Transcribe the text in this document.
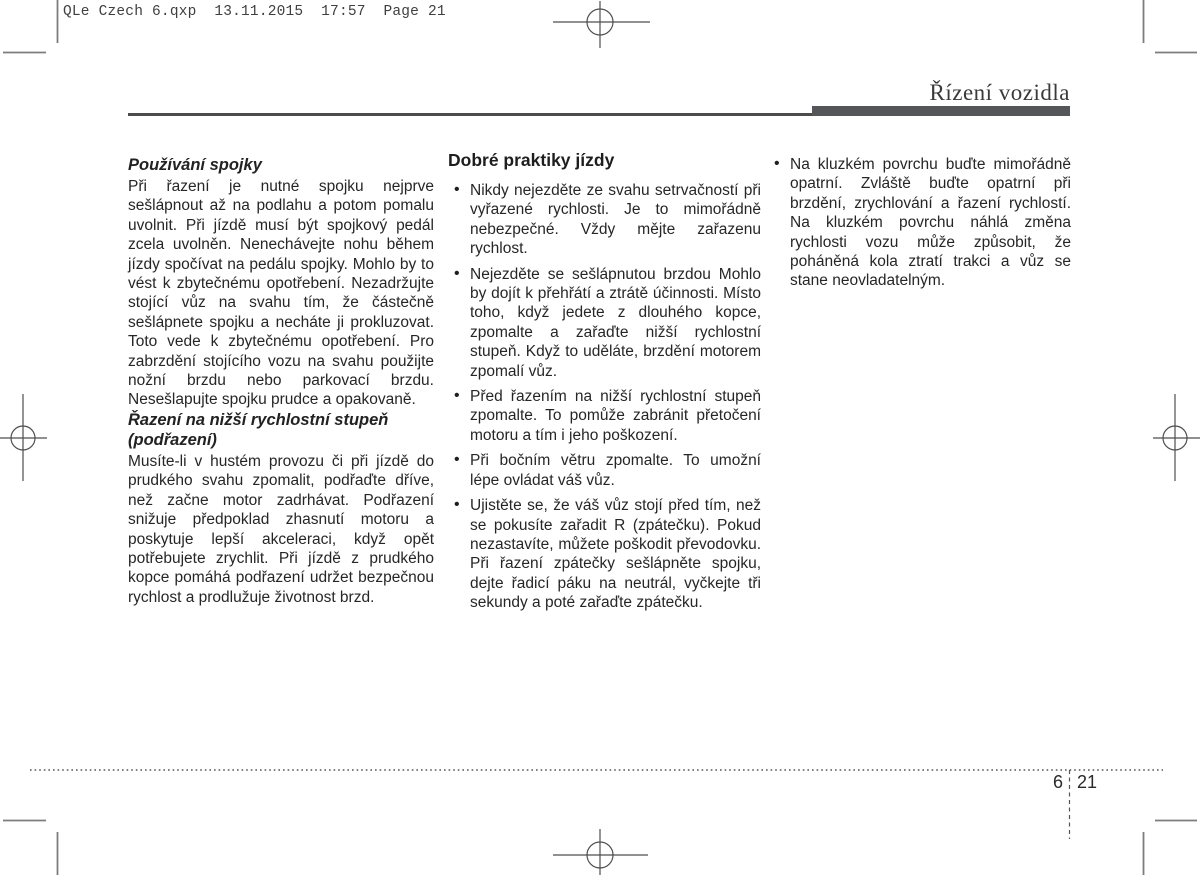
QLe Czech 6.qxp  13.11.2015  17:57  Page 21
Řízení vozidla
Používání spojky

Při řazení je nutné spojku nejprve sešlápnout až na podlahu a potom pomalu uvolnit. Při jízdě musí být spojkový pedál zcela uvolněn. Nenechávejte nohu během jízdy spočívat na pedálu spojky. Mohlo by to vést k zbytečnému opotřebení. Nezadržujte stojící vůz na svahu tím, že částečně sešlápnete spojku a necháte ji prokluzovat. Toto vede k zbytečnému opotřebení. Pro zabrzdění stojícího vozu na svahu použijte nožní brzdu nebo parkovací brzdu. Nesešlapujte spojku prudce a opakovaně.

Řazení na nižší rychlostní stupeň (podřazení)

Musíte-li v hustém provozu či při jízdě do prudkého svahu zpomalit, podřaďte dříve, než začne motor zadrhávat. Podřazení snižuje předpoklad zhasnutí motoru a poskytuje lepší akceleraci, když opět potřebujete zrychlit. Při jízdě z prudkého kopce pomáhá podřazení udržet bezpečnou rychlost a prodlužuje životnost brzd.

Dobré praktiky jízdy
• Nikdy nejezděte ze svahu setrvačností při vyřazené rychlosti. Je to mimořádně nebezpečné. Vždy mějte zařazenu rychlost.
• Nejezděte se sešlápnutou brzdou Mohlo by dojít k přehřátí a ztrátě účinnosti. Místo toho, když jedete z dlouhého kopce, zpomalte a zařaďte nižší rychlostní stupeň. Když to uděláte, brzdění motorem zpomalí vůz.
• Před řazením na nižší rychlostní stupeň zpomalte. To pomůže zabránit přetočení motoru a tím i jeho poškození.
• Při bočním větru zpomalte. To umožní lépe ovládat váš vůz.
• Ujistěte se, že váš vůz stojí před tím, než se pokusíte zařadit R (zpátečku). Pokud nezastavíte, můžete poškodit převodovku. Při řazení zpátečky sešlápněte spojku, dejte řadicí páku na neutrál, vyčkejte tři sekundy a poté zařaďte zpátečku.
• Na kluzkém povrchu buďte mimořádně opatrní. Zvláště buďte opatrní při brzdění, zrychlování a řazení rychlostí. Na kluzkém povrchu náhlá změna rychlosti vozu může způsobit, že poháněná kola ztratí trakci a vůz se stane neovladatelným.
6 21
